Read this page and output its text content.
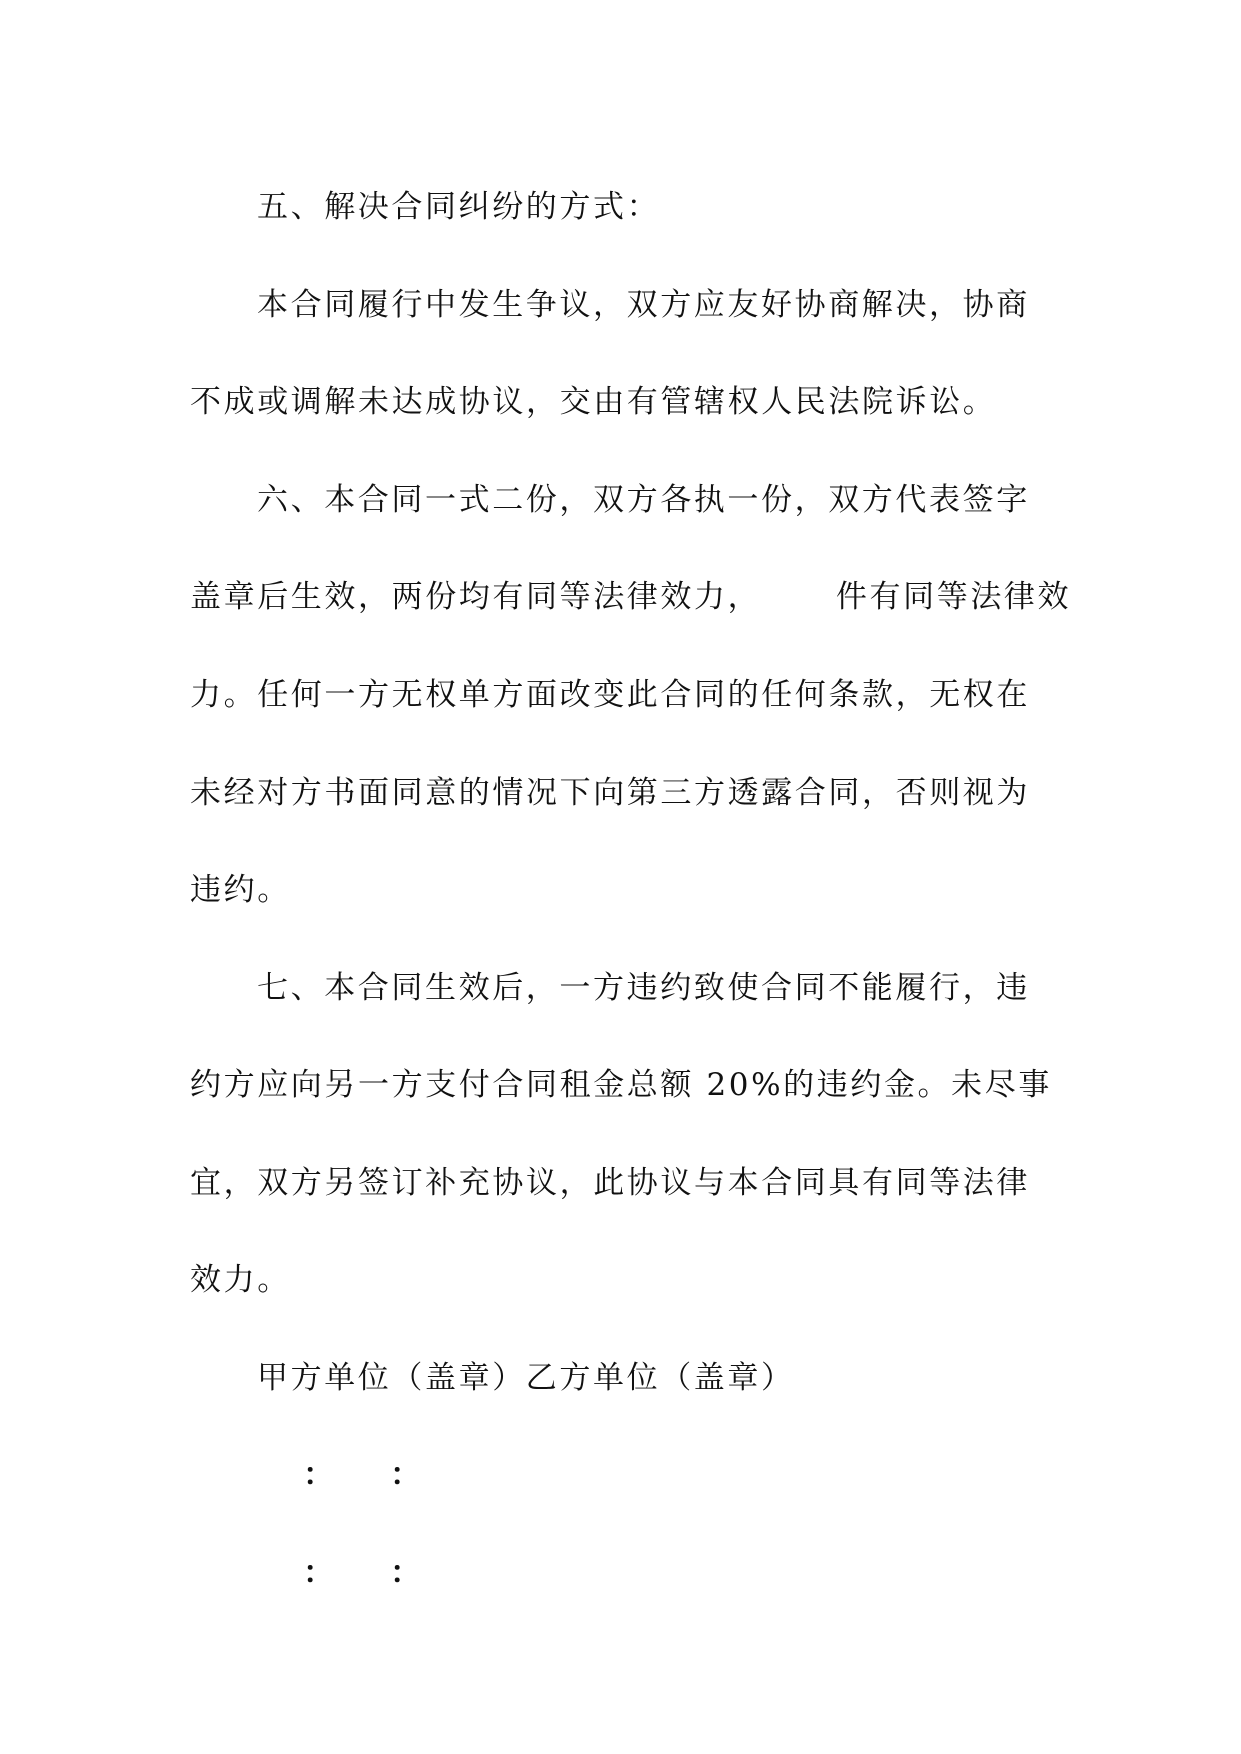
五、解决合同纠纷的方式：
本合同履行中发生争议，双方应友好协商解决，协商
不成或调解未达成协议，交由有管辖权人民法院诉讼。
六、本合同一式二份，双方各执一份，双方代表签字
盖章后生效，两份均有同等法律效力，      件有同等法律效
力。任何一方无权单方面改变此合同的任何条款，无权在
未经对方书面同意的情况下向第三方透露合同，否则视为
违约。
七、本合同生效后，一方违约致使合同不能履行，违
约方应向另一方支付合同租金总额 20%的违约金。未尽事
宜，双方另签订补充协议，此协议与本合同具有同等法律
效力。
甲方单位（盖章）乙方单位（盖章）
： ：
： ：
